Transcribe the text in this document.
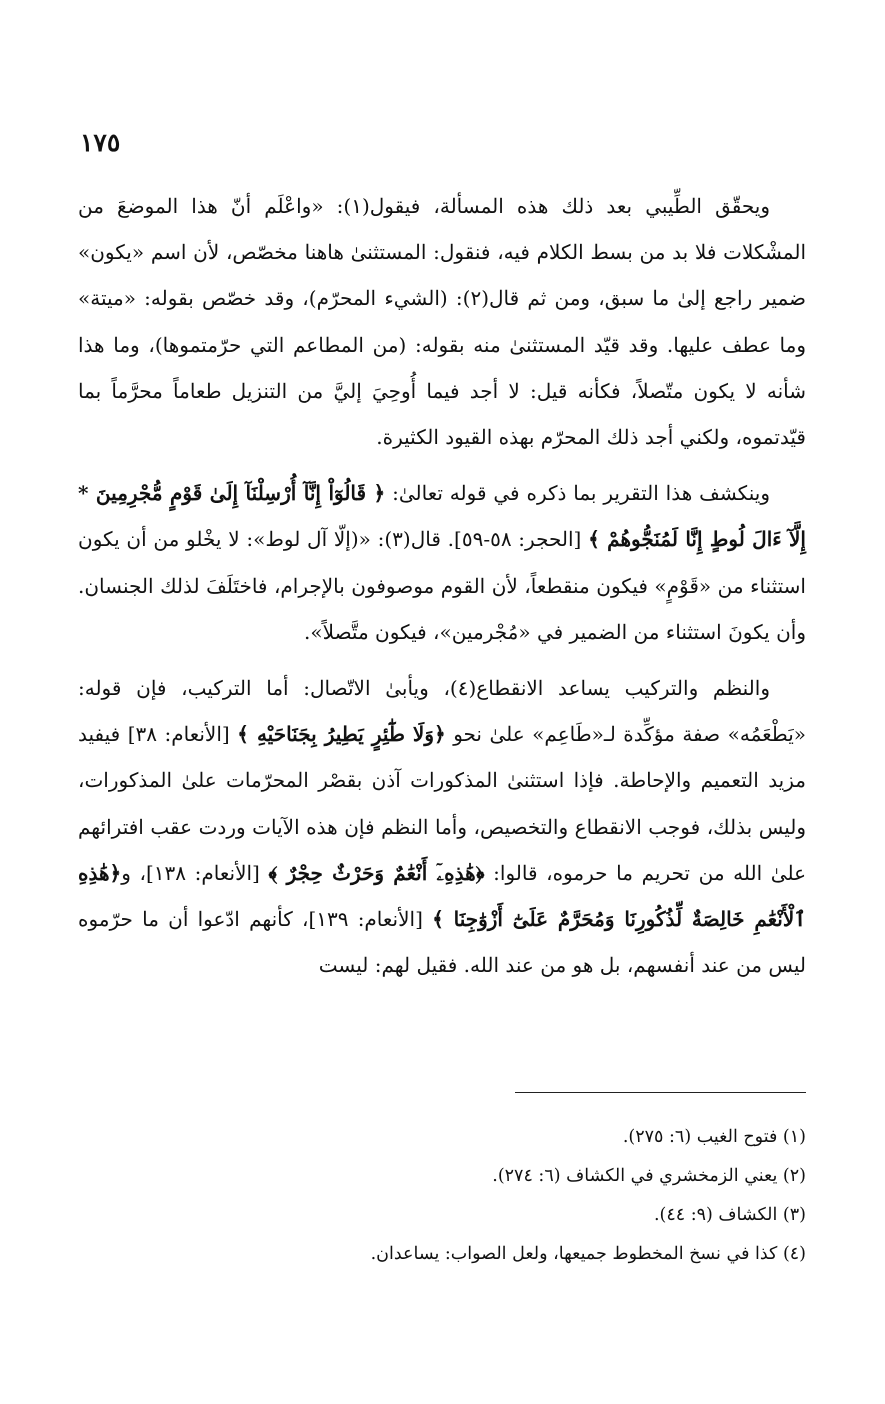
١٧٥

ويحقّق الطِّيبي بعد ذلك هذه المسألة، فيقول(١): «واعْلَم أنّ هذا الموضعَ من المشْكلات فلا بد من بسط الكلام فيه، فنقول: المستثنىٰ هاهنا مخصّص، لأن اسم «يكون» ضمير راجع إلىٰ ما سبق، ومن ثم قال(٢): (الشيء المحرّم)، وقد خصّص بقوله: «ميتة» وما عطف عليها. وقد قيّد المستثنىٰ منه بقوله: (من المطاعم التي حرّمتموها)، وما هذا شأنه لا يكون متّصلاً، فكأنه قيل: لا أجد فيما أُوحِيَ إليَّ من التنزيل طعاماً محرَّماً بما قيّدتموه، ولكني أجد ذلك المحرّم بهذه القيود الكثيرة.

وينكشف هذا التقرير بما ذكره في قوله تعالىٰ: ﴿ قَالُوٓاْ إِنَّآ أُرْسِلْنَآ إِلَىٰ قَوْمٍ مُّجْرِمِينَ * إِلَّآ ءَالَ لُوطٍ إِنَّا لَمُنَجُّوهُمْ ﴾ [الحجر: ٥٨-٥٩]. قال(٣): «(إلّا آل لوط»: لا يخْلو من أن يكون استثناء من «قَوْمٍ» فيكون منقطعاً، لأن القوم موصوفون بالإجرام، فاختَلَفَ لذلك الجنسان. وأن يكونَ استثناء من الضمير في «مُجْرمين»، فيكون متَّصلاً».

والنظم والتركيب يساعد الانقطاع(٤)، ويأبىٰ الاتّصال: أما التركيب، فإن قوله: «يَطْعَمُه» صفة مؤكِّدة لـ«طَاعِم» علىٰ نحو ﴿وَلَا طَٰٓئِرٍ يَطِيرُ بِجَنَاحَيْهِ ﴾ [الأنعام: ٣٨] فيفيد مزيد التعميم والإحاطة. فإذا استثنىٰ المذكورات آذن بقصْر المحرّمات علىٰ المذكورات، وليس بذلك، فوجب الانقطاع والتخصيص، وأما النظم فإن هذه الآيات وردت عقب افترائهم علىٰ الله من تحريم ما حرموه، قالوا: ﴿هَٰذِهِۦٓ أَنْعَٰمٌ وَحَرْثٌ حِجْرٌ ﴾ [الأنعام: ١٣٨]، و﴿هَٰذِهِ ٱلْأَنْعَٰمِ خَالِصَةٌ لِّذُكُورِنَا وَمُحَرَّمٌ عَلَىٰٓ أَزْوَٰجِنَا ﴾ [الأنعام: ١٣٩]، كأنهم ادّعوا أن ما حرّموه ليس من عند أنفسهم، بل هو من عند الله. فقيل لهم: ليست

(١) فتوح الغيب (٦: ٢٧٥).
(٢) يعني الزمخشري في الكشاف (٦: ٢٧٤).
(٣) الكشاف (٩: ٤٤).
(٤) كذا في نسخ المخطوط جميعها، ولعل الصواب: يساعدان.
